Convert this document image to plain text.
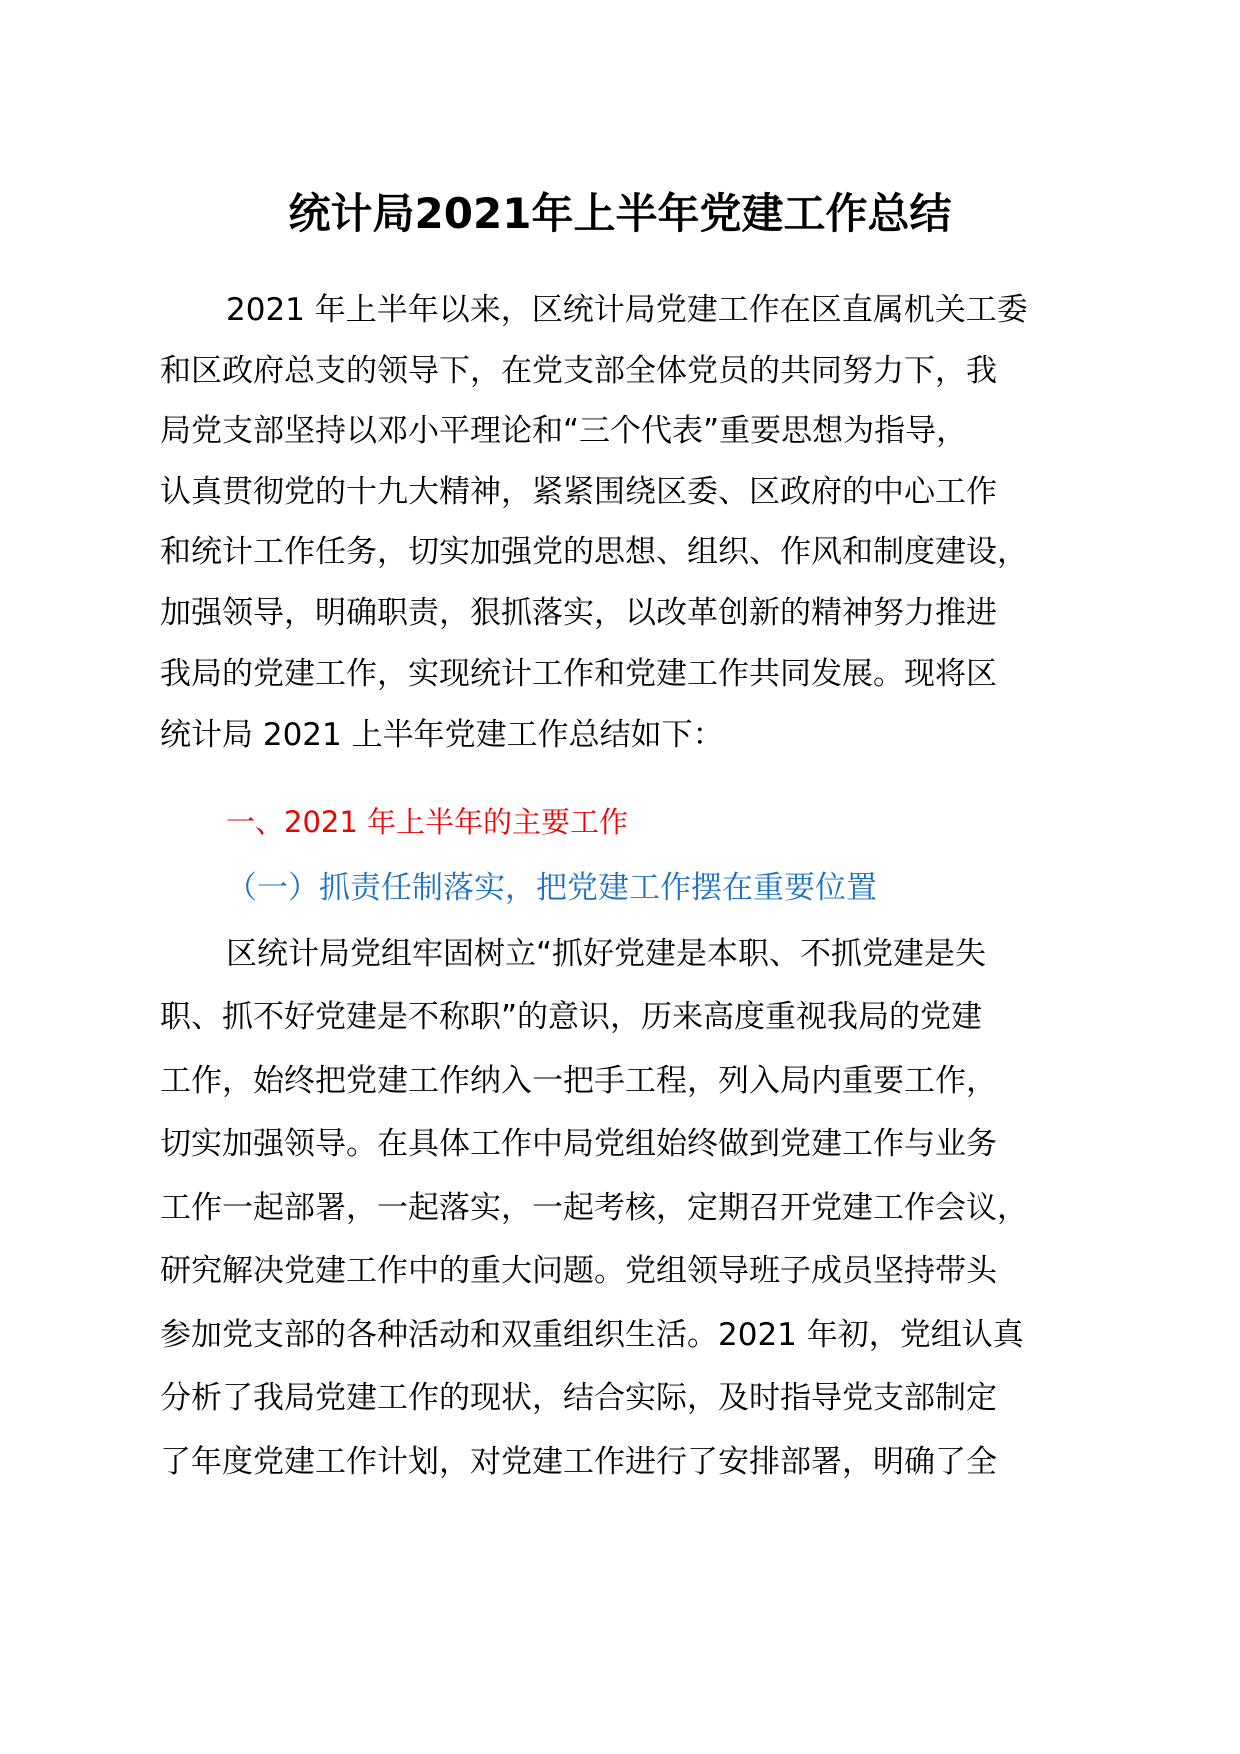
统计局2021年上半年党建工作总结
2021 年上半年以来，区统计局党建工作在区直属机关工委
和区政府总支的领导下，在党支部全体党员的共同努力下，我
局党支部坚持以邓小平理论和“三个代表”重要思想为指导，
认真贯彻党的十九大精神，紧紧围绕区委、区政府的中心工作
和统计工作任务，切实加强党的思想、组织、作风和制度建设，
加强领导，明确职责，狠抓落实，以改革创新的精神努力推进
我局的党建工作，实现统计工作和党建工作共同发展。现将区
统计局 2021 上半年党建工作总结如下：
一、2021 年上半年的主要工作
（一）抓责任制落实，把党建工作摆在重要位置
区统计局党组牢固树立“抓好党建是本职、不抓党建是失
职、抓不好党建是不称职”的意识，历来高度重视我局的党建
工作，始终把党建工作纳入一把手工程，列入局内重要工作，
切实加强领导。在具体工作中局党组始终做到党建工作与业务
工作一起部署，一起落实，一起考核，定期召开党建工作会议，
研究解决党建工作中的重大问题。党组领导班子成员坚持带头
参加党支部的各种活动和双重组织生活。2021 年初，党组认真
分析了我局党建工作的现状，结合实际，及时指导党支部制定
了年度党建工作计划，对党建工作进行了安排部署，明确了全
